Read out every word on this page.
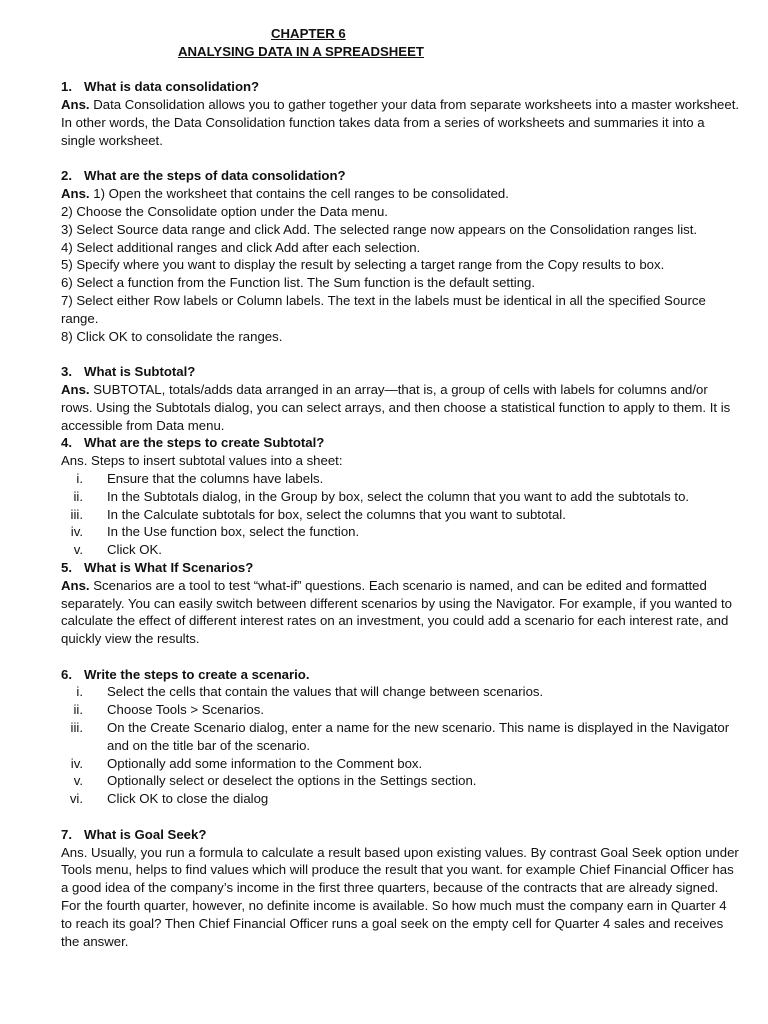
CHAPTER 6
ANALYSING DATA IN A SPREADSHEET
1. What is data consolidation?
Ans. Data Consolidation allows you to gather together your data from separate worksheets into a master worksheet. In other words, the Data Consolidation function takes data from a series of worksheets and summaries it into a single worksheet.
2. What are the steps of data consolidation?
Ans. 1) Open the worksheet that contains the cell ranges to be consolidated.
2) Choose the Consolidate option under the Data menu.
3) Select Source data range and click Add. The selected range now appears on the Consolidation ranges list.
4) Select additional ranges and click Add after each selection.
5) Specify where you want to display the result by selecting a target range from the Copy results to box.
6) Select a function from the Function list. The Sum function is the default setting.
7) Select either Row labels or Column labels. The text in the labels must be identical in all the specified Source range.
8) Click OK to consolidate the ranges.
3. What is Subtotal?
Ans. SUBTOTAL, totals/adds data arranged in an array—that is, a group of cells with labels for columns and/or rows. Using the Subtotals dialog, you can select arrays, and then choose a statistical function to apply to them. It is accessible from Data menu.
4. What are the steps to create Subtotal?
Ans. Steps to insert subtotal values into a sheet:
i. Ensure that the columns have labels.
ii. In the Subtotals dialog, in the Group by box, select the column that you want to add the subtotals to.
iii. In the Calculate subtotals for box, select the columns that you want to subtotal.
iv. In the Use function box, select the function.
v. Click OK.
5. What is What If Scenarios?
Ans. Scenarios are a tool to test “what-if” questions. Each scenario is named, and can be edited and formatted separately. You can easily switch between different scenarios by using the Navigator. For example, if you wanted to calculate the effect of different interest rates on an investment, you could add a scenario for each interest rate, and quickly view the results.
6. Write the steps to create a scenario.
i. Select the cells that contain the values that will change between scenarios.
ii. Choose Tools > Scenarios.
iii. On the Create Scenario dialog, enter a name for the new scenario. This name is displayed in the Navigator and on the title bar of the scenario.
iv. Optionally add some information to the Comment box.
v. Optionally select or deselect the options in the Settings section.
vi. Click OK to close the dialog
7. What is Goal Seek?
Ans. Usually, you run a formula to calculate a result based upon existing values. By contrast Goal Seek option under Tools menu, helps to find values which will produce the result that you want. for example Chief Financial Officer has a good idea of the company’s income in the first three quarters, because of the contracts that are already signed. For the fourth quarter, however, no definite income is available. So how much must the company earn in Quarter 4 to reach its goal? Then Chief Financial Officer runs a goal seek on the empty cell for Quarter 4 sales and receives the answer.
